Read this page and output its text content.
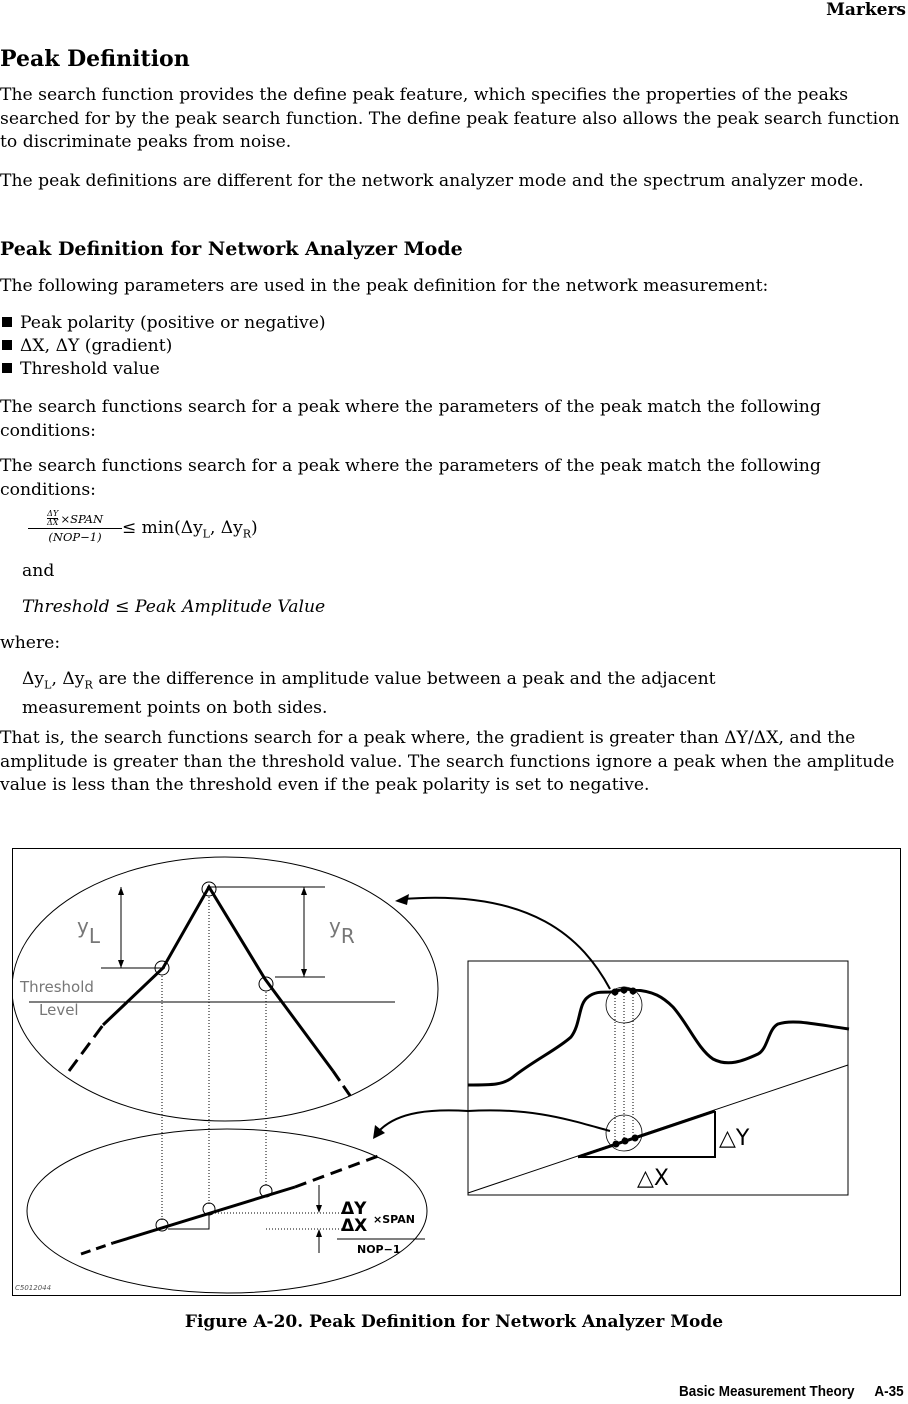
Markers
Peak Definition

The search function provides the define peak feature, which specifies the properties of the peaks searched for by the peak search function. The define peak feature also allows the peak search function to discriminate peaks from noise.

The peak definitions are different for the network analyzer mode and the spectrum analyzer mode.

Peak Definition for Network Analyzer Mode

The following parameters are used in the peak definition for the network measurement:

Peak polarity (positive or negative)
ΔX, ΔY (gradient)
Threshold value

The search functions search for a peak where the parameters of the peak match the following conditions:

The search functions search for a peak where the parameters of the peak match the following conditions:

$\frac{\Delta Y}{\Delta X}$ ×SPAN
(NOP−1)	≤ $\min(\Delta y_L$, $\Delta y_R$)
and
Threshold ≤ Peak Amplitude Value
where:
$\Delta y_L$, $\Delta y_R$ are the difference in amplitude value between a peak and the adjacent measurement points on both sides.

That is, the search functions search for a peak where, the gradient is greater than ΔY/ΔX, and the amplitude is greater than the threshold value. The search functions ignore a peak when the amplitude value is less than the threshold even if the peak polarity is set to negative.

yL	yR
Threshold
Level
ΔY
ΔX ×SPAN
NOP−1
△Y
△X
C5012044
Figure A-20. Peak Definition for Network Analyzer Mode
Basic Measurement Theory A-35
